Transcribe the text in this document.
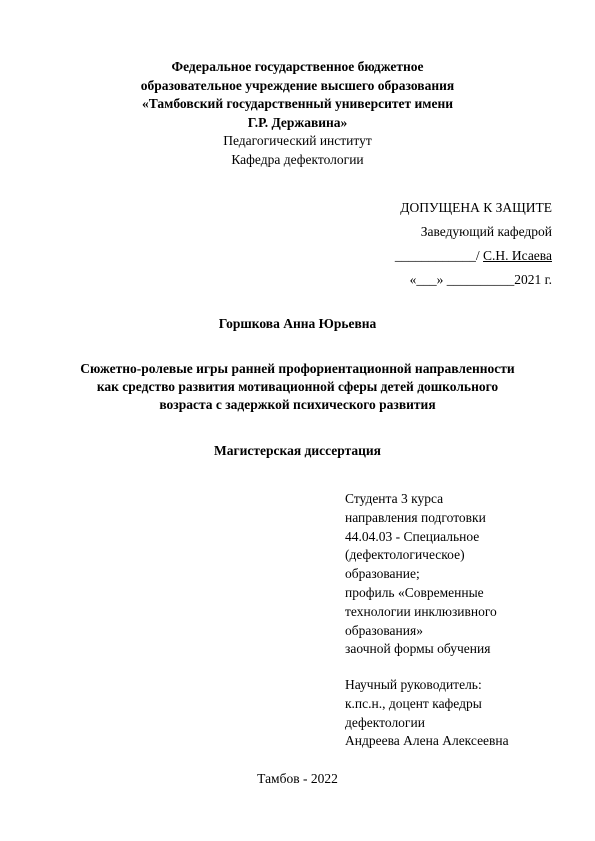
Федеральное государственное бюджетное
образовательное учреждение высшего образования
«Тамбовский государственный университет имени
Г.Р. Державина»
Педагогический институт
Кафедра дефектологии
ДОПУЩЕНА К ЗАЩИТЕ
Заведующий кафедрой
____________/ С.Н. Исаева
«___» __________2021 г.
Горшкова Анна Юрьевна
Сюжетно-ролевые игры ранней профориентационной направленности
как средство развития мотивационной сферы детей дошкольного
возраста с задержкой психического развития
Магистерская диссертация
Студента 3 курса
направления подготовки
44.04.03 - Специальное
(дефектологическое)
образование;
профиль «Современные
технологии инклюзивного
образования»
заочной формы обучения
Научный руководитель:
к.пс.н., доцент кафедры
дефектологии
Андреева Алена Алексеевна
Тамбов - 2022
